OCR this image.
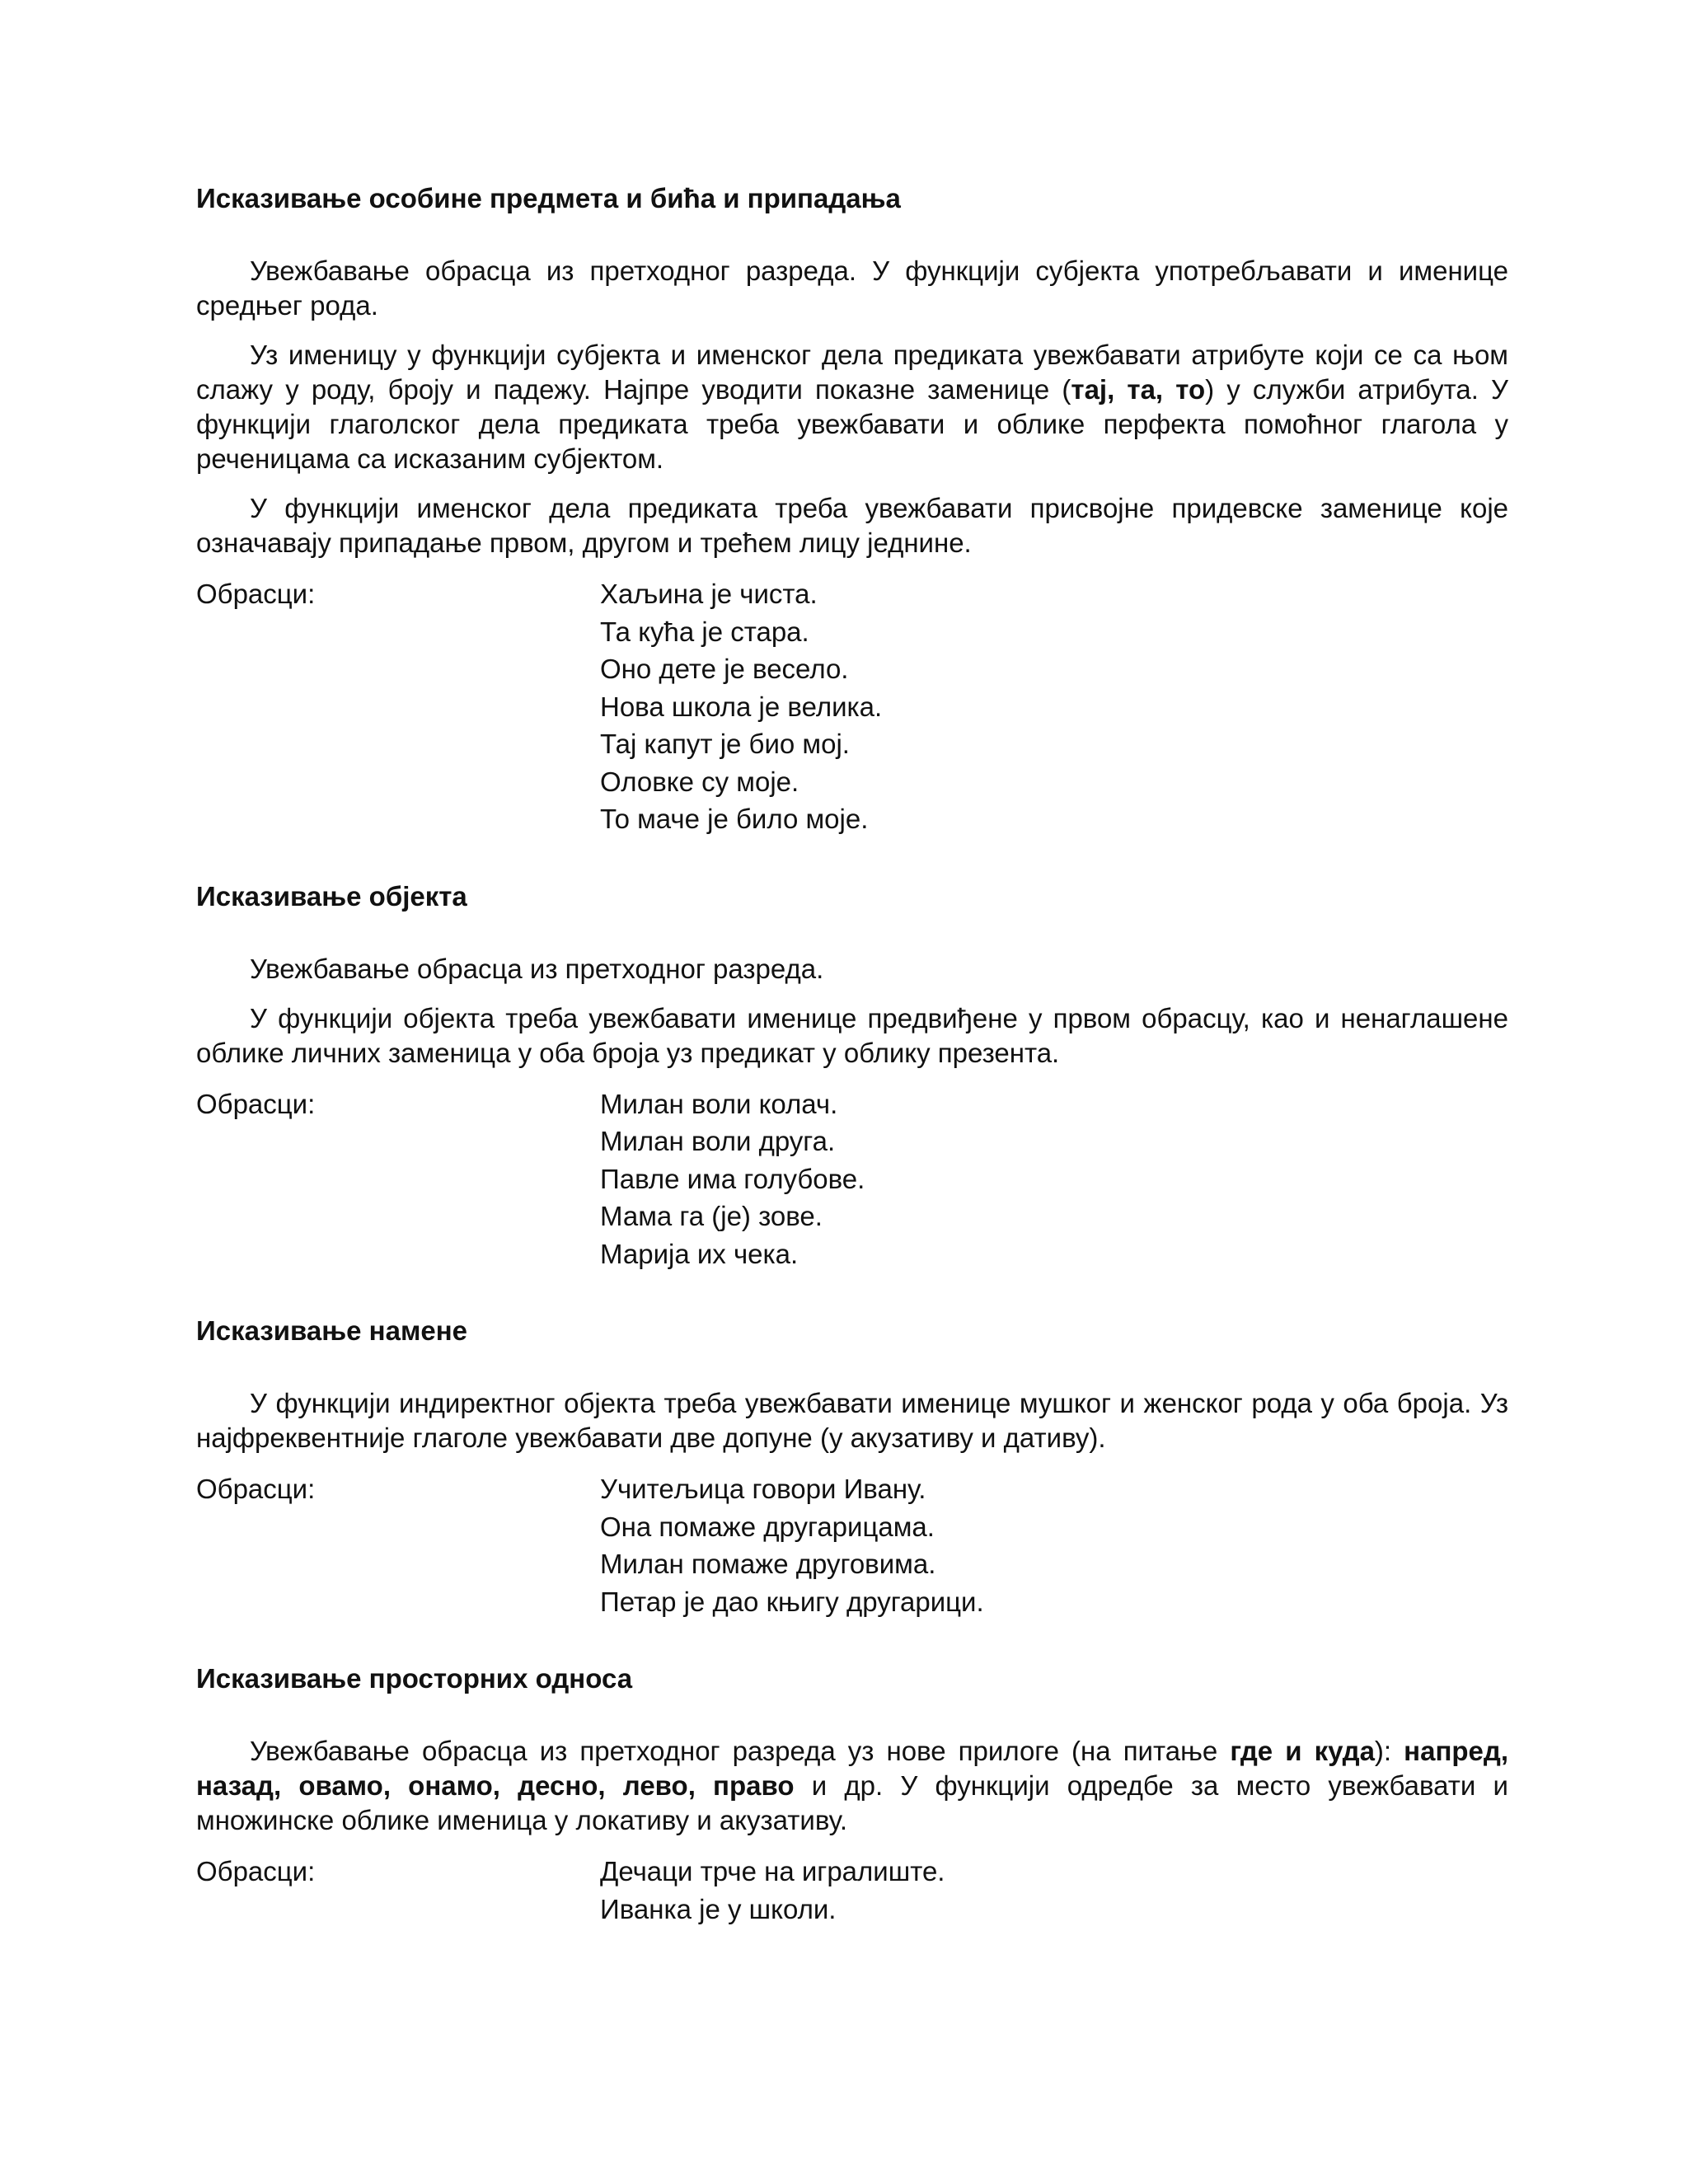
Исказивање особине предмета и бића и припадања

Увежбавање обрасца из претходног разреда. У функцији субјекта употребљавати и именице средњег рода.

Уз именицу у функцији субјекта и именског дела предиката увежбавати атрибуте који се са њом слажу у роду, броју и падежу. Најпре уводити показне заменице (тај, та, то) у служби атрибута. У функцији глаголског дела предиката треба увежбавати и облике перфекта помоћног глагола у реченицама са исказаним субјектом.

У функцији именског дела предиката треба увежбавати присвојне придевске заменице које означавају припадање првом, другом и трећем лицу једнине.

Обрасци:	Хаљина је чиста.
Та кућа је стара.
Оно дете је весело.
Нова школа је велика.
Тај капут је био мој.
Оловке су моје.
То маче је било моје.
Исказивање објекта

Увежбавање обрасца из претходног разреда.

У функцији објекта треба увежбавати именице предвиђене у првом обрасцу, као и ненаглашене облике личних заменица у оба броја уз предикат у облику презента.

Обрасци:	Милан воли колач.
Милан воли друга.
Павле има голубове.
Мама га (је) зове.
Марија их чека.
Исказивање намене

У функцији индиректног објекта треба увежбавати именице мушког и женског рода у оба броја. Уз најфреквентније глаголе увежбавати две допуне (у акузативу и дативу).

Обрасци:	Учитељица говори Ивану.
Она помаже другарицама.
Милан помаже друговима.
Петар је дао књигу другарици.
Исказивање просторних односа

Увежбавање обрасца из претходног разреда уз нове прилоге (на питање где и куда): напред, назад, овамо, онамо, десно, лево, право и др. У функцији одредбе за место увежбавати и множинске облике именица у локативу и акузативу.

Обрасци:	Дечаци трче на игралиште.
Иванка је у школи.
